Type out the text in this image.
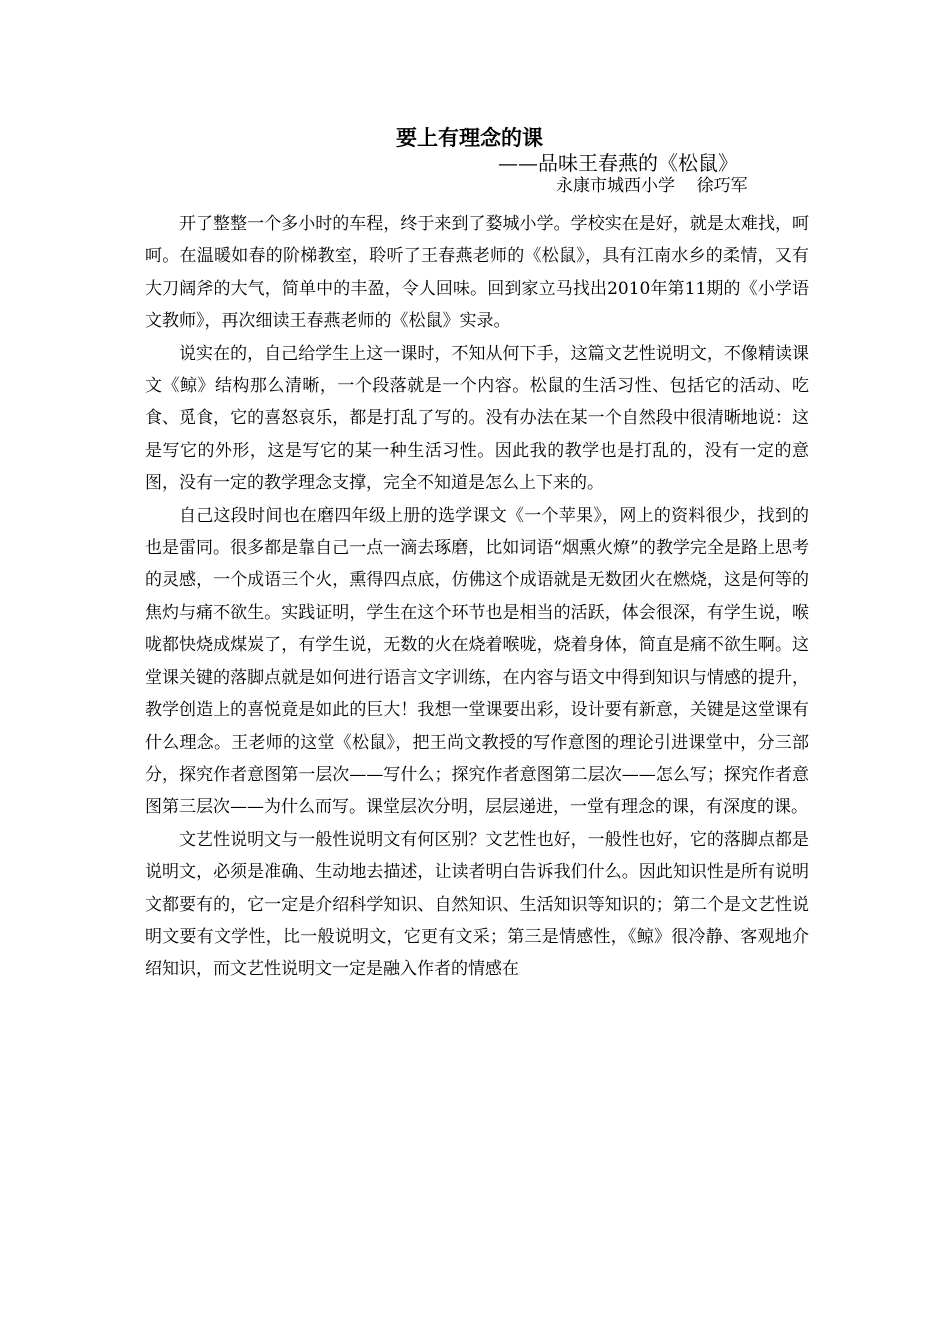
要上有理念的课
——品味王春燕的《松鼠》
永康市城西小学    徐巧军

开了整整一个多小时的车程，终于来到了婺城小学。学校实在是好，就是太难找，呵呵。在温暖如春的阶梯教室，聆听了王春燕老师的《松鼠》，具有江南水乡的柔情，又有大刀阔斧的大气，简单中的丰盈，令人回味。回到家立马找出2010年第11期的《小学语文教师》，再次细读王春燕老师的《松鼠》实录。

说实在的，自己给学生上这一课时，不知从何下手，这篇文艺性说明文，不像精读课文《鲸》结构那么清晰，一个段落就是一个内容。松鼠的生活习性、包括它的活动、吃食、觅食，它的喜怒哀乐，都是打乱了写的。没有办法在某一个自然段中很清晰地说：这是写它的外形，这是写它的某一种生活习性。因此我的教学也是打乱的，没有一定的意图，没有一定的教学理念支撑，完全不知道是怎么上下来的。

自己这段时间也在磨四年级上册的选学课文《一个苹果》，网上的资料很少，找到的也是雷同。很多都是靠自己一点一滴去琢磨，比如词语“烟熏火燎”的教学完全是路上思考的灵感，一个成语三个火，熏得四点底，仿佛这个成语就是无数团火在燃烧，这是何等的焦灼与痛不欲生。实践证明，学生在这个环节也是相当的活跃，体会很深，有学生说，喉咙都快烧成煤炭了，有学生说，无数的火在烧着喉咙，烧着身体，简直是痛不欲生啊。这堂课关键的落脚点就是如何进行语言文字训练，在内容与语文中得到知识与情感的提升，教学创造上的喜悦竟是如此的巨大！我想一堂课要出彩，设计要有新意，关键是这堂课有什么理念。王老师的这堂《松鼠》，把王尚文教授的写作意图的理论引进课堂中，分三部分，探究作者意图第一层次——写什么；探究作者意图第二层次——怎么写；探究作者意图第三层次——为什么而写。课堂层次分明，层层递进，一堂有理念的课，有深度的课。

文艺性说明文与一般性说明文有何区别？文艺性也好，一般性也好，它的落脚点都是说明文，必须是准确、生动地去描述，让读者明白告诉我们什么。因此知识性是所有说明文都要有的，它一定是介绍科学知识、自然知识、生活知识等知识的；第二个是文艺性说明文要有文学性，比一般说明文，它更有文采；第三是情感性，《鲸》很冷静、客观地介绍知识，而文艺性说明文一定是融入作者的情感在
